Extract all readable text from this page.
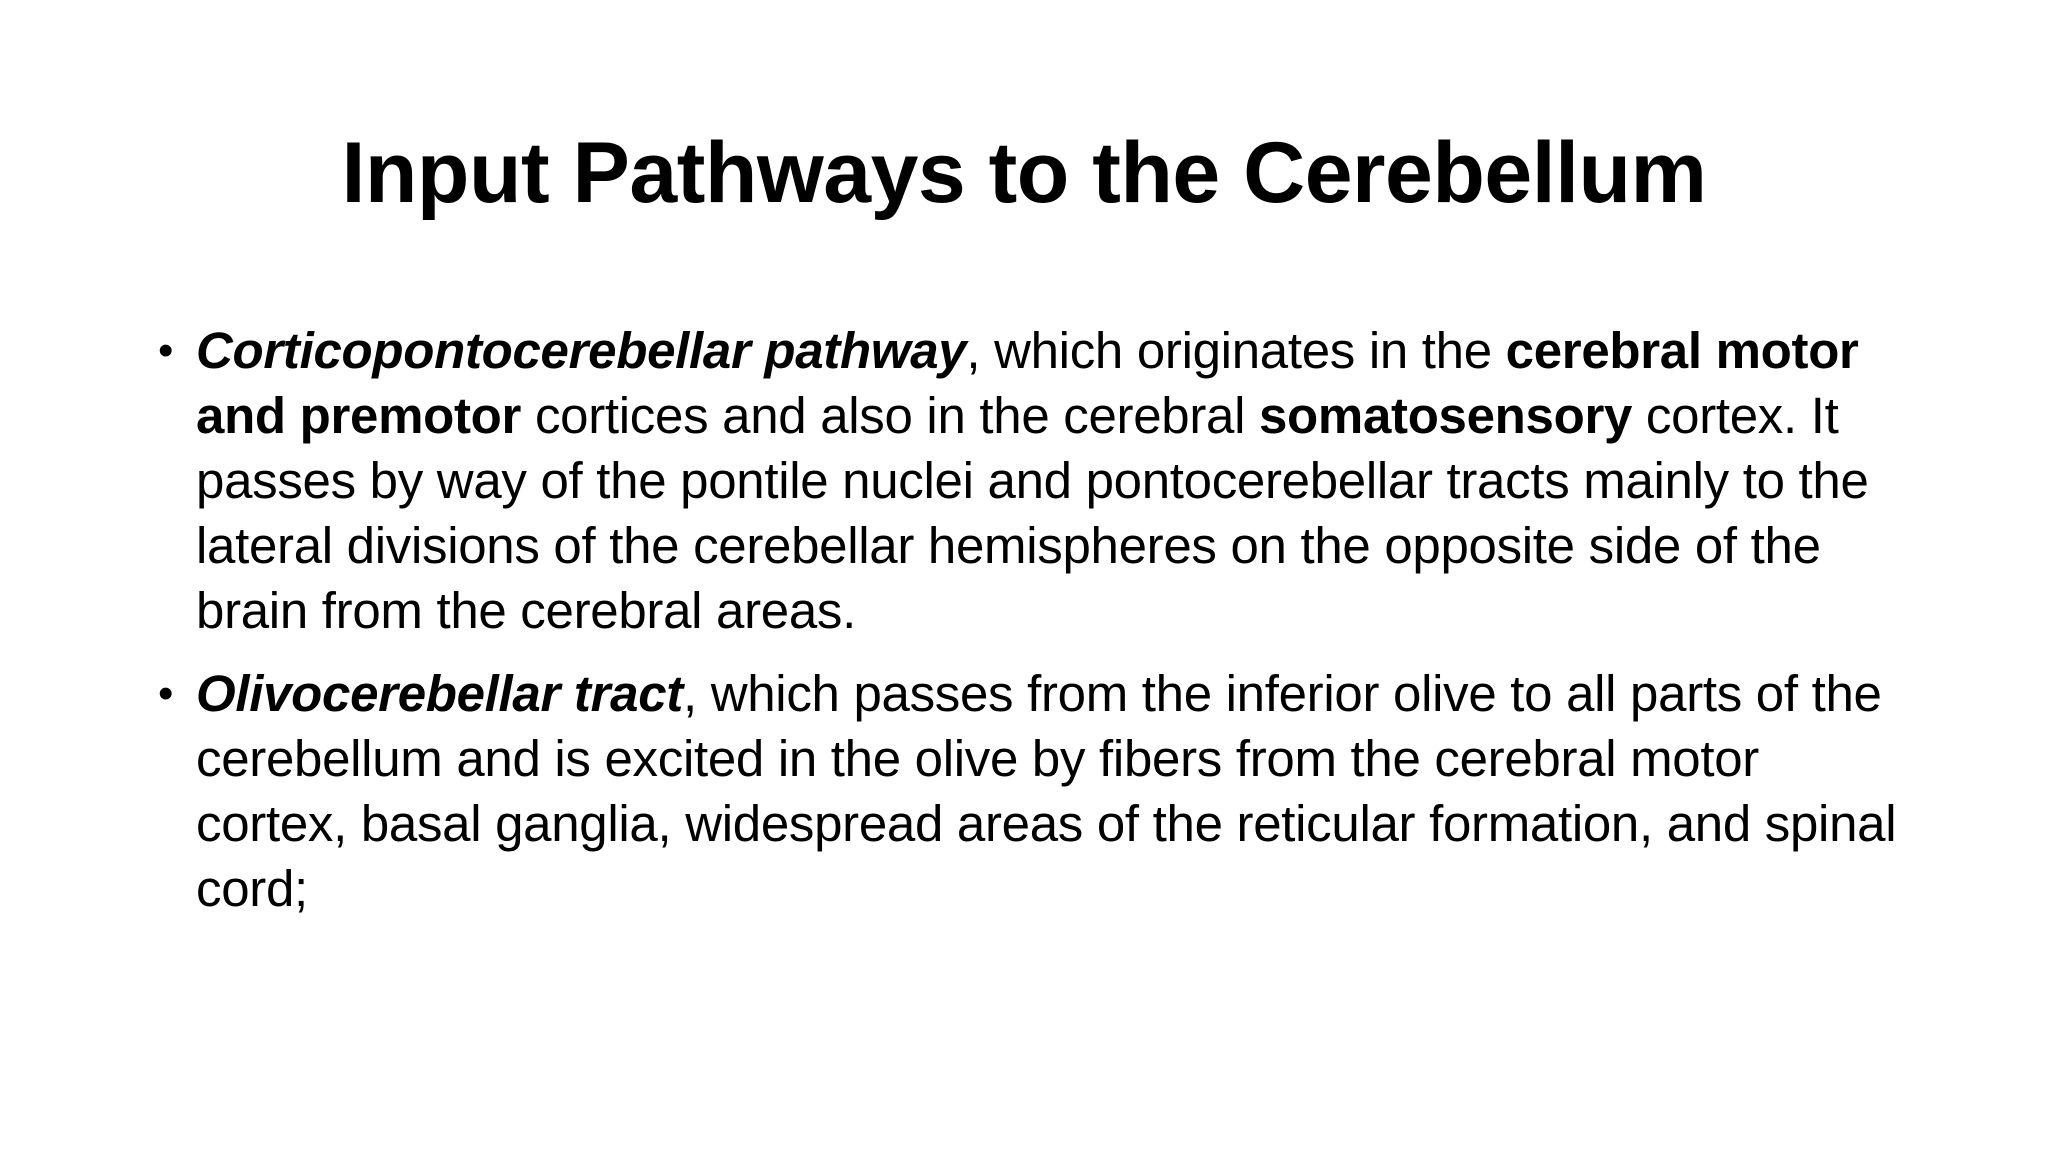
Input Pathways to the Cerebellum
• Corticopontocerebellar pathway, which originates in the cerebral motor and premotor cortices and also in the cerebral somatosensory cortex. It passes by way of the pontile nuclei and pontocerebellar tracts mainly to the lateral divisions of the cerebellar hemispheres on the opposite side of the brain from the cerebral areas.
• Olivocerebellar tract, which passes from the inferior olive to all parts of the cerebellum and is excited in the olive by fibers from the cerebral motor cortex, basal ganglia, widespread areas of the reticular formation, and spinal cord;
